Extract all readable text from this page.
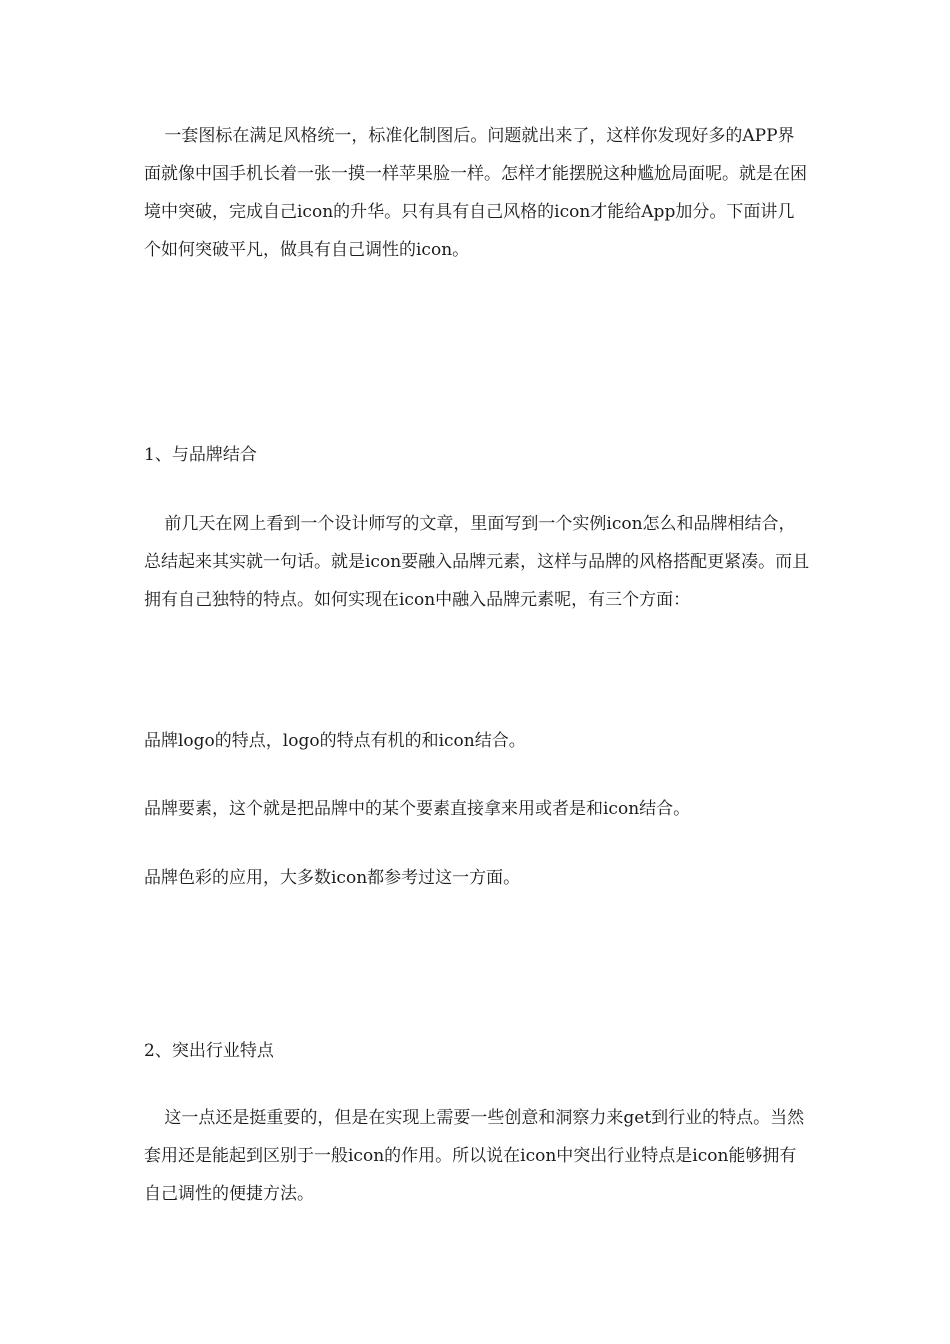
一套图标在满足风格统一，标准化制图后。问题就出来了，这样你发现好多的APP界面就像中国手机长着一张一摸一样苹果脸一样。怎样才能摆脱这种尴尬局面呢。就是在困境中突破，完成自己icon的升华。只有具有自己风格的icon才能给App加分。下面讲几个如何突破平凡，做具有自己调性的icon。

1、与品牌结合

前几天在网上看到一个设计师写的文章，里面写到一个实例icon怎么和品牌相结合，总结起来其实就一句话。就是icon要融入品牌元素，这样与品牌的风格搭配更紧凑。而且拥有自己独特的特点。如何实现在icon中融入品牌元素呢，有三个方面：

品牌logo的特点，logo的特点有机的和icon结合。

品牌要素，这个就是把品牌中的某个要素直接拿来用或者是和icon结合。

品牌色彩的应用，大多数icon都参考过这一方面。

2、突出行业特点

这一点还是挺重要的，但是在实现上需要一些创意和洞察力来get到行业的特点。当然套用还是能起到区别于一般icon的作用。所以说在icon中突出行业特点是icon能够拥有自己调性的便捷方法。
